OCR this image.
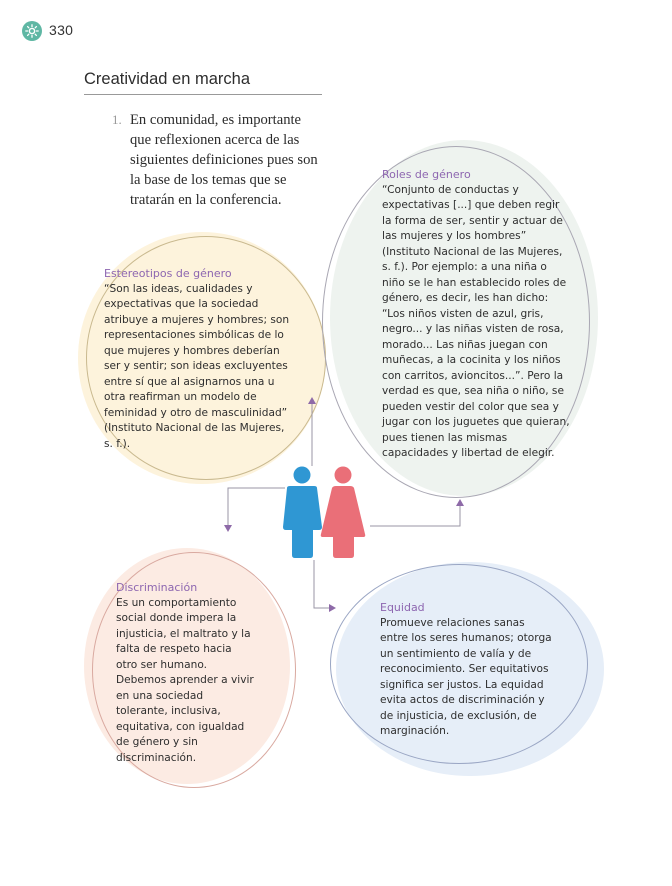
330
Creatividad en marcha
1. En comunidad, es importante que reflexionen acerca de las siguientes definiciones pues son la base de los temas que se tratarán en la conferencia.
Estereotipos de género
“Son las ideas, cualidades y expectativas que la sociedad atribuye a mujeres y hombres; son representaciones simbólicas de lo que mujeres y hombres deberían ser y sentir; son ideas excluyentes entre sí que al asignarnos una u otra reafirman un modelo de feminidad y otro de masculinidad” (Instituto Nacional de las Mujeres, s. f.).
Roles de género
“Conjunto de conductas y expectativas [...] que deben regir la forma de ser, sentir y actuar de las mujeres y los hombres” (Instituto Nacional de las Mujeres, s. f.). Por ejemplo: a una niña o niño se le han establecido roles de género, es decir, les han dicho: “Los niños visten de azul, gris, negro... y las niñas visten de rosa, morado... Las niñas juegan con muñecas, a la cocinita y los niños con carritos, avioncitos...”. Pero la verdad es que, sea niña o niño, se pueden vestir del color que sea y jugar con los juguetes que quieran, pues tienen las mismas capacidades y libertad de elegir.
Discriminación
Es un comportamiento social donde impera la injusticia, el maltrato y la falta de respeto hacia otro ser humano. Debemos aprender a vivir en una sociedad tolerante, inclusiva, equitativa, con igualdad de género y sin discriminación.
Equidad
Promueve relaciones sanas entre los seres humanos; otorga un sentimiento de valía y de reconocimiento. Ser equitativos significa ser justos. La equidad evita actos de discriminación y de injusticia, de exclusión, de marginación.
